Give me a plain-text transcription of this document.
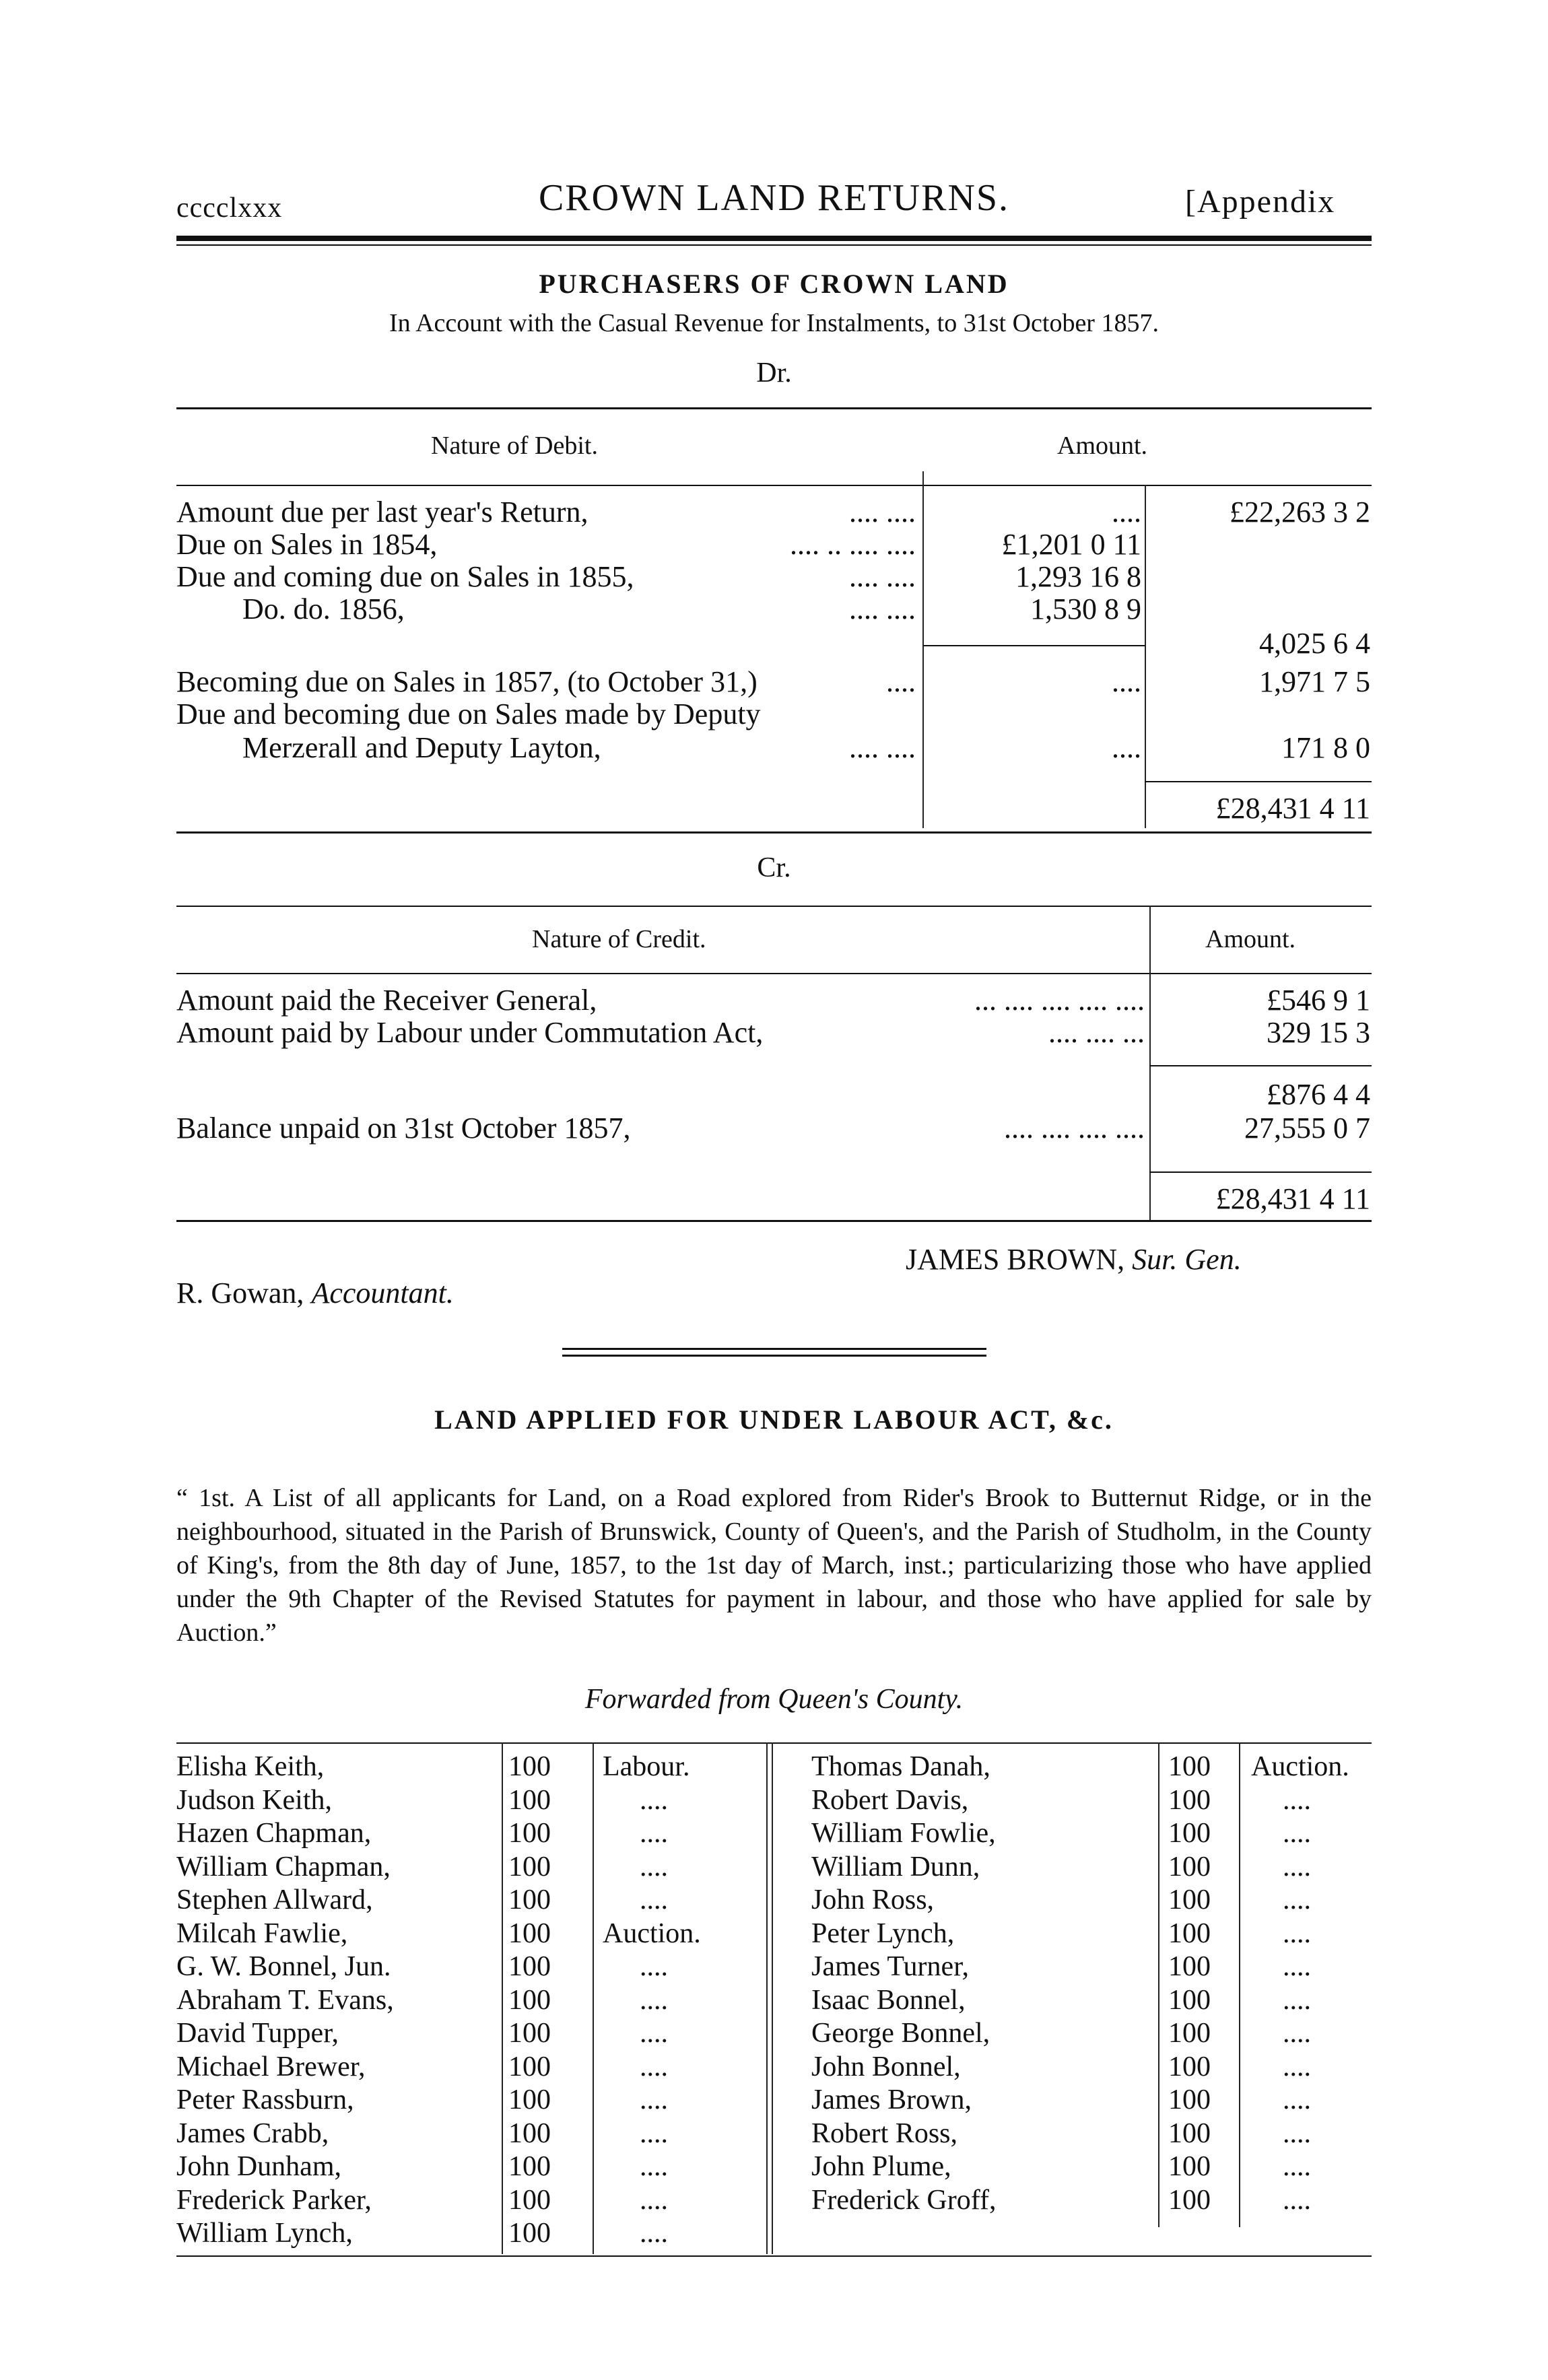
cccclxxx	CROWN LAND RETURNS.	[Appendix
PURCHASERS OF CROWN LAND
In Account with the Casual Revenue for Instalments, to 31st October 1857.
Dr.
Nature of Debit.	Amount.
Amount due per last year's Return,	.... ....	....	£22,263 3 2
Due on Sales in 1854,	.... .. .... ....	£1,201 0 11
Due and coming due on Sales in 1855,	.... ....	1,293 16 8
Do. do. 1856,	.... ....	1,530 8 9
4,025 6 4
Becoming due on Sales in 1857, (to October 31,)	....	....	1,971 7 5
Due and becoming due on Sales made by Deputy
Merzerall and Deputy Layton,	.... ....	....	171 8 0
£28,431 4 11
Cr.
Nature of Credit.	Amount.
Amount paid the Receiver General,	... .... .... .... ....	£546 9 1
Amount paid by Labour under Commutation Act,	.... .... ...	329 15 3
£876 4 4
Balance unpaid on 31st October 1857,	.... .... .... ....	27,555 0 7
£28,431 4 11
JAMES BROWN, Sur. Gen.
R. Gowan, Accountant.
LAND APPLIED FOR UNDER LABOUR ACT, &c.
“ 1st. A List of all applicants for Land, on a Road explored from Rider's Brook to Butternut Ridge, or in the neighbourhood, situated in the Parish of Brunswick, County of Queen's, and the Parish of Studholm, in the County of King's, from the 8th day of June, 1857, to the 1st day of March, inst.; particularizing those who have applied under the 9th Chapter of the Revised Statutes for payment in labour, and those who have applied for sale by Auction.”
Forwarded from Queen's County.
Elisha Keith,	100 Labour.
Judson Keith,	100	....
Hazen Chapman,	100	....
William Chapman,	100	....
Stephen Allward,	100	....
Milcah Fawlie,	100 Auction.
G. W. Bonnel, Jun.	100	....
Abraham T. Evans,	100	....
David Tupper,	100	....
Michael Brewer,	100	....
Peter Rassburn,	100	....
James Crabb,	100	....
John Dunham,	100	....
Frederick Parker,	100	....
William Lynch,	100	....
Thomas Danah,	100 Auction.
Robert Davis,	100	....
William Fowlie,	100	....
William Dunn,	100	....
John Ross,	100	....
Peter Lynch,	100	....
James Turner,	100	....
Isaac Bonnel,	100	....
George Bonnel,	100	....
John Bonnel,	100	....
James Brown,	100	....
Robert Ross,	100	....
John Plume,	100	....
Frederick Groff,	100	....
